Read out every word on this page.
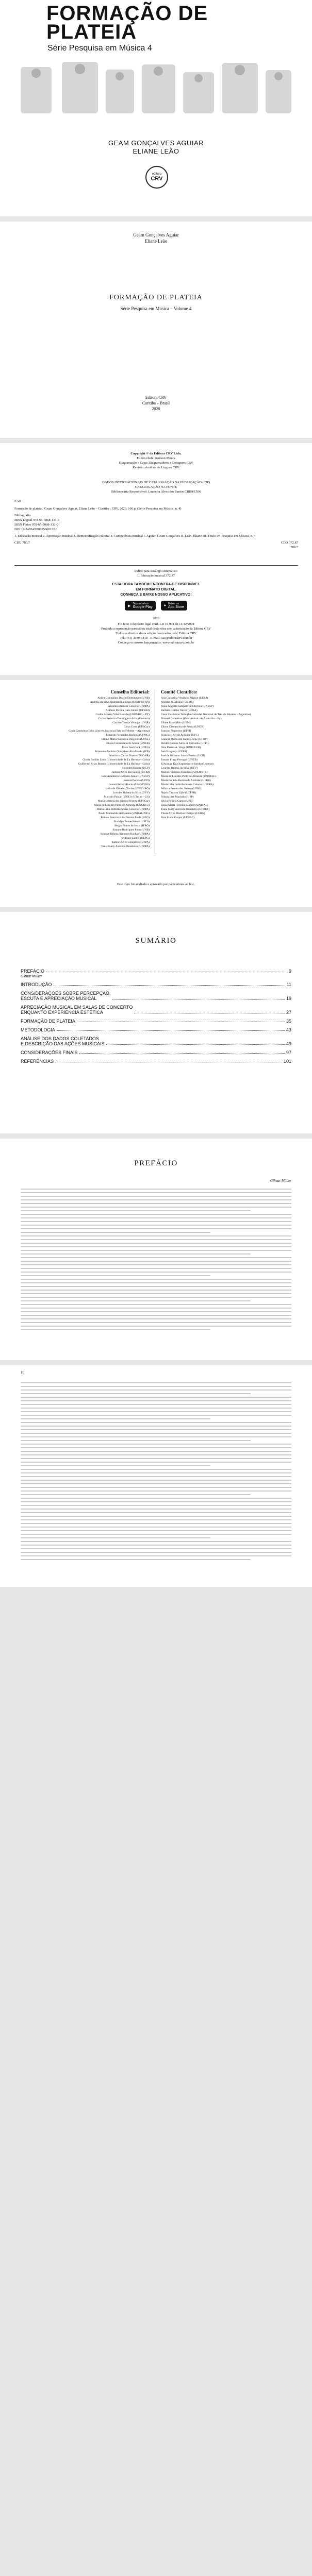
FORMAÇÃO DE
PLATEIA
Série Pesquisa em Música 4
GEAM GONÇALVES AGUIAR
ELIANE LEÃO
editora
CRV
Geam Gonçalves Aguiar
Eliane Leão
FORMAÇÃO DE PLATEIA
Série Pesquisa em Música – Volume 4
Editora CRV
Curitiba – Brasil
2020
Copyright © da Editora CRV Ltda.
Editor-chefe: Railson Moura
Diagramação e Capa: Diagramadores e Designers CRV
Revisão: Analista de Línguas CRV
DADOS INTERNACIONAIS DE CATALOGAÇÃO NA PUBLICAÇÃO (CIP)
CATALOGAÇÃO NA FONTE
Bibliotecária Responsável: Luzenira Alves dos Santos CRB9/1506
F723
Formação de plateia / Geam Gonçalves Aguiar, Eliane Leão – Curitiba : CRV, 2020. 106 p. (Série Pesquisa em Música, n. 4)
Bibliografia
ISBN Digital 978-65-5868-131-3
ISBN Físico 978-65-5868-132-0
DOI 10.24824/978655868132.0
1. Educação musical 2. Apreciação musical 3. Democratização cultural 4. Competência musical I. Aguiar, Geam Gonçalves II. Leão, Eliane III. Título IV. Pesquisa em Música, n. 4
CDU 780.7	CDD 372.87
780.7
Índice para catálogo sistemático
1. Educação musical 372.87
ESTA OBRA TAMBÉM ENCONTRA-SE DISPONÍVEL
EM FORMATO DIGITAL.
CONHEÇA E BAIXE NOSSO APLICATIVO!
▶
Disponível no
Google Play	● Baixar na
App Store
2020
Foi feito o depósito legal conf. Lei 10.994 de 14/12/2004
Proibida a reprodução parcial ou total desta obra sem autorização da Editora CRV
Todos os direitos desta edição reservados pela: Editora CRV
Tel.: (41) 3039-6418 - E-mail: sac@editoracrv.com.br
Conheça os nossos lançamentos: www.editoracrv.com.br
Conselho Editorial:
Aldira Guimarães Duarte Domínguez (UNB)
Andréia da Silva Quintanilha Sousa (UNIR/UFRN)
Anselmo Alencar Colares (UFOPA)
Antônio Pereira Gaio Júnior (UFRRJ)
Carlos Alberto Vilar Estêvão (UMINHO – PT)
Carlos Federico Dominguez Avila (Unieuro)
Carmen Tereza Velanga (UNIR)
Celso Conti (UFSCar)
Cesar Gerónimo Tello (Univer. Nacional Três de Febrero – Argentina)
Eduardo Fernandes Barbosa (UFMG)
Elione Maria Nogueira Diogenes (UFAL)
Elizeu Clementino de Souza (UNEB)
Élsio José Corá (UFFS)
Fernando Antônio Gonçalves Alcoforado (IPB)
Francisco Carlos Duarte (PUC-PR)
Gloria Fariñas León (Universidade de La Havana – Cuba)
Guillermo Arias Beatón (Universidade de La Havana – Cuba)
Helmuth Krüger (UCP)
Jailson Alves dos Santos (UFRJ)
João Adalberto Campato Junior (UNESP)
Josania Portela (UFPI)
Leonel Severo Rocha (UNISINOS)
Lídia de Oliveira Xavier (UNIEURO)
Lourdes Helena da Silva (UFV)
Marcelo Paixão (UFRJ e UTexas – US)
Maria Cristina dos Santos Bezerra (UFSCar)
Maria de Lourdes Pinto de Almeida (UNOESC)
Maria Lília Imbiriba Sousa Colares (UFOPA)
Paulo Romualdo Hernandes (UNIFAL-MG)
Renato Francisco dos Santos Paula (UFG)
Rodrigo Pratte-Santos (UFES)
Sérgio Nunes de Jesus (IFRO)
Simone Rodrigues Pinto (UNB)
Solange Helena Ximenes-Rocha (UFOPA)
Sydione Santos (UEPG)
Tadeu Oliver Gonçalves (UFPA)
Tania Suely Azevedo Brasileiro (UFOPA)
Comitê Científico:
Ana Chrystina Venancio Mignot (UERJ)
Andréia N. Militão (UEMS)
Anna Augusta Sampaio de Oliveira (UNESP)
Barbara Coelho Neves (UFBA)
Cesar Gerónimo Tello (Universidad Nacional de Três de Febrero – Argentina)
Diosnel Centurion (Univ Americ. de Asunción – Py)
Eliane Rose Maio (UEM)
Elizeu Clementino de Souza (UNEB)
Fauston Negreiros (UFPI)
Francisco Ari de Andrade (UFC)
Gláucia Maria dos Santos Jorge (UFOP)
Helder Buenos Aires de Carvalho (UFPI)
Ilma Passos A. Veiga (UNICEUB)
Inês Bragança (UERJ)
José de Ribamar Sousa Pereira (UCB)
Jussara Fraga Portugal (UNEB)
Kilwangy Kya Kapitango-a-Samba (Unemat)
Lourdes Helena da Silva (UFV)
Marcos Vinicius Francisco (UNOESTE)
Maria de Lourdes Pinto de Almeida (UNOESC)
Maria Eurácia Barreto de Andrade (UFRB)
Maria Lília Imbiriba Sousa Colares (UFOPA)
Mônica Pereira dos Santos (UFRJ)
Najela Tavares Ujiie (UTFPR)
Nilson José Machado (USP)
Silvia Regina Canan (URI)
Sonia Maria Ferreira Koehler (UNISAL)
Tania Suely Azevedo Brasileiro (UFOPA)
Vânia Alves Martins Chaigar (FURG)
Vera Lucia Gaspar (UDESC)
Este livro foi avaliado e aprovado por pareceristas ad hoc.
SUMÁRIO
PREFÁCIO	9
Gilmar Müller
INTRODUÇÃO	11
CONSIDERAÇÕES SOBRE PERCEPÇÃO,
ESCUTA E APRECIAÇÃO MUSICAL	19
APRECIAÇÃO MUSICAL EM SALAS DE CONCERTO
ENQUANTO EXPERIÊNCIA ESTÉTICA	27
FORMAÇÃO DE PLATEIA	35
METODOLOGIA	43
ANÁLISE DOS DADOS COLETADOS
E DESCRIÇÃO DAS AÇÕES MUSICAIS	49
CONSIDERAÇÕES FINAIS	97
REFERÊNCIAS	101
PREFÁCIO
Gilmar Müller
10
